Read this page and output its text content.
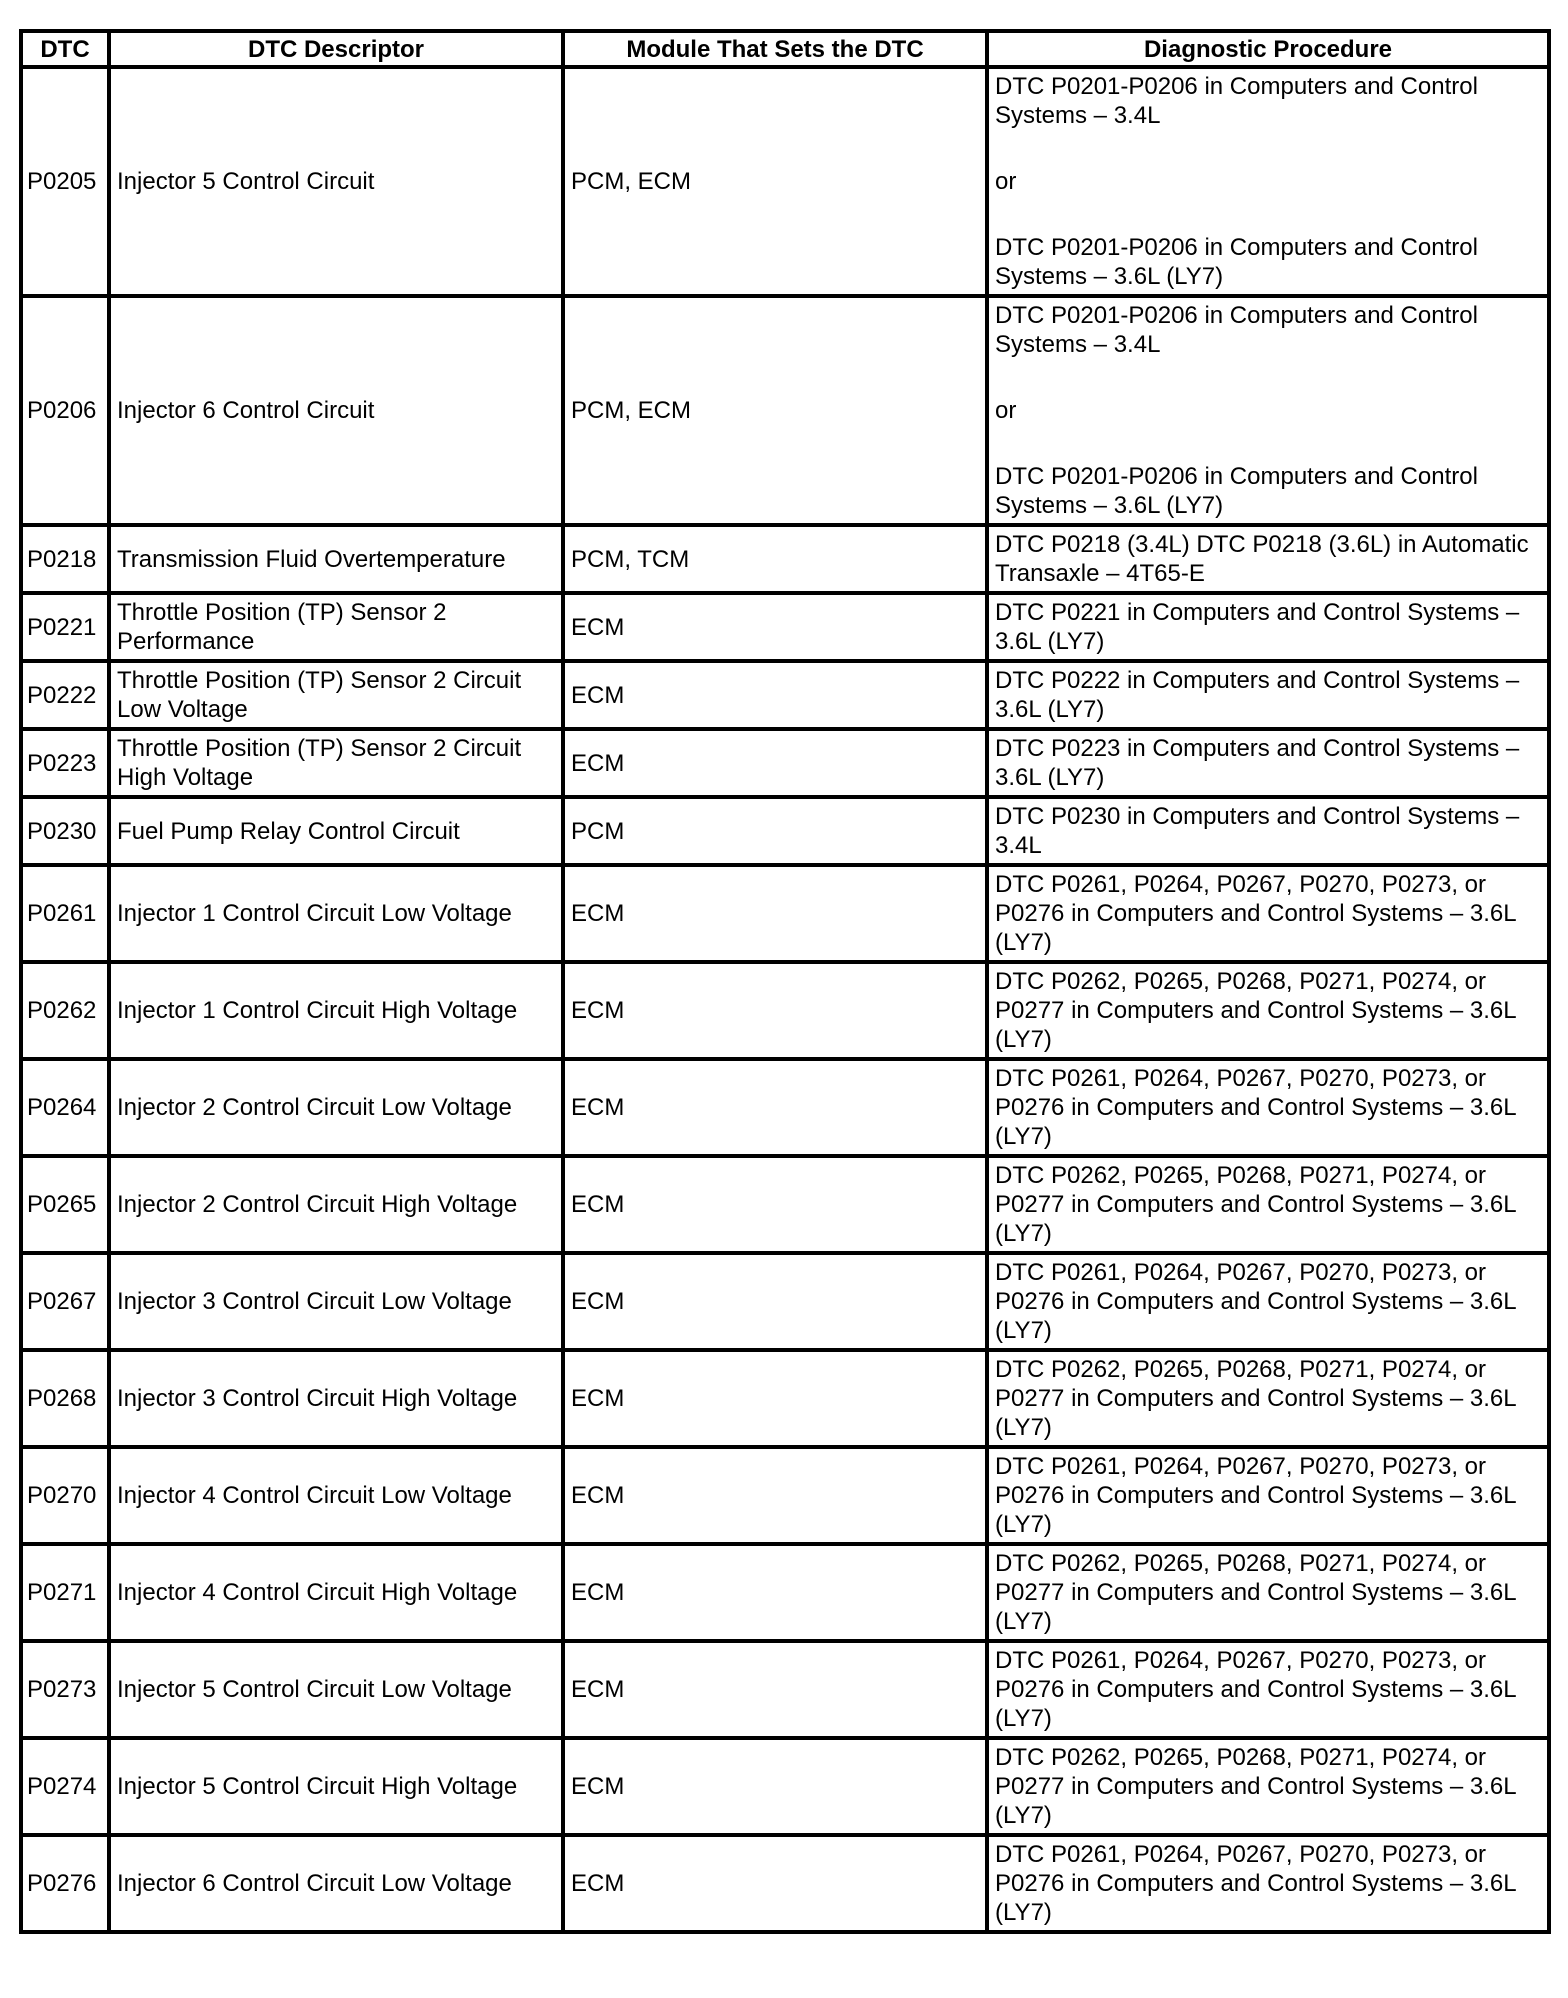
DTC	DTC Descriptor	Module That Sets the DTC	Diagnostic Procedure
P0205	Injector 5 Control Circuit	PCM, ECM	DTC P0201-P0206 in Computers and Control Systems – 3.4L
or
DTC P0201-P0206 in Computers and Control Systems – 3.6L (LY7)

P0206	Injector 6 Control Circuit	PCM, ECM	DTC P0201-P0206 in Computers and Control Systems – 3.4L
or
DTC P0201-P0206 in Computers and Control Systems – 3.6L (LY7)

P0218	Transmission Fluid Overtemperature	PCM, TCM	DTC P0218 (3.4L) DTC P0218 (3.6L) in Automatic Transaxle – 4T65-E

P0221	Throttle Position (TP) Sensor 2 Performance	ECM	DTC P0221 in Computers and Control Systems – 3.6L (LY7)

P0222	Throttle Position (TP) Sensor 2 Circuit Low Voltage	ECM	DTC P0222 in Computers and Control Systems – 3.6L (LY7)

P0223	Throttle Position (TP) Sensor 2 Circuit High Voltage	ECM	DTC P0223 in Computers and Control Systems – 3.6L (LY7)

P0230	Fuel Pump Relay Control Circuit	PCM	DTC P0230 in Computers and Control Systems – 3.4L

P0261	Injector 1 Control Circuit Low Voltage	ECM	DTC P0261, P0264, P0267, P0270, P0273, or P0276 in Computers and Control Systems – 3.6L (LY7)

P0262	Injector 1 Control Circuit High Voltage	ECM	DTC P0262, P0265, P0268, P0271, P0274, or P0277 in Computers and Control Systems – 3.6L (LY7)

P0264	Injector 2 Control Circuit Low Voltage	ECM	DTC P0261, P0264, P0267, P0270, P0273, or P0276 in Computers and Control Systems – 3.6L (LY7)

P0265	Injector 2 Control Circuit High Voltage	ECM	DTC P0262, P0265, P0268, P0271, P0274, or P0277 in Computers and Control Systems – 3.6L (LY7)

P0267	Injector 3 Control Circuit Low Voltage	ECM	DTC P0261, P0264, P0267, P0270, P0273, or P0276 in Computers and Control Systems – 3.6L (LY7)

P0268	Injector 3 Control Circuit High Voltage	ECM	DTC P0262, P0265, P0268, P0271, P0274, or P0277 in Computers and Control Systems – 3.6L (LY7)

P0270	Injector 4 Control Circuit Low Voltage	ECM	DTC P0261, P0264, P0267, P0270, P0273, or P0276 in Computers and Control Systems – 3.6L (LY7)

P0271	Injector 4 Control Circuit High Voltage	ECM	DTC P0262, P0265, P0268, P0271, P0274, or P0277 in Computers and Control Systems – 3.6L (LY7)

P0273	Injector 5 Control Circuit Low Voltage	ECM	DTC P0261, P0264, P0267, P0270, P0273, or P0276 in Computers and Control Systems – 3.6L (LY7)

P0274	Injector 5 Control Circuit High Voltage	ECM	DTC P0262, P0265, P0268, P0271, P0274, or P0277 in Computers and Control Systems – 3.6L (LY7)

P0276	Injector 6 Control Circuit Low Voltage	ECM	DTC P0261, P0264, P0267, P0270, P0273, or P0276 in Computers and Control Systems – 3.6L (LY7)
